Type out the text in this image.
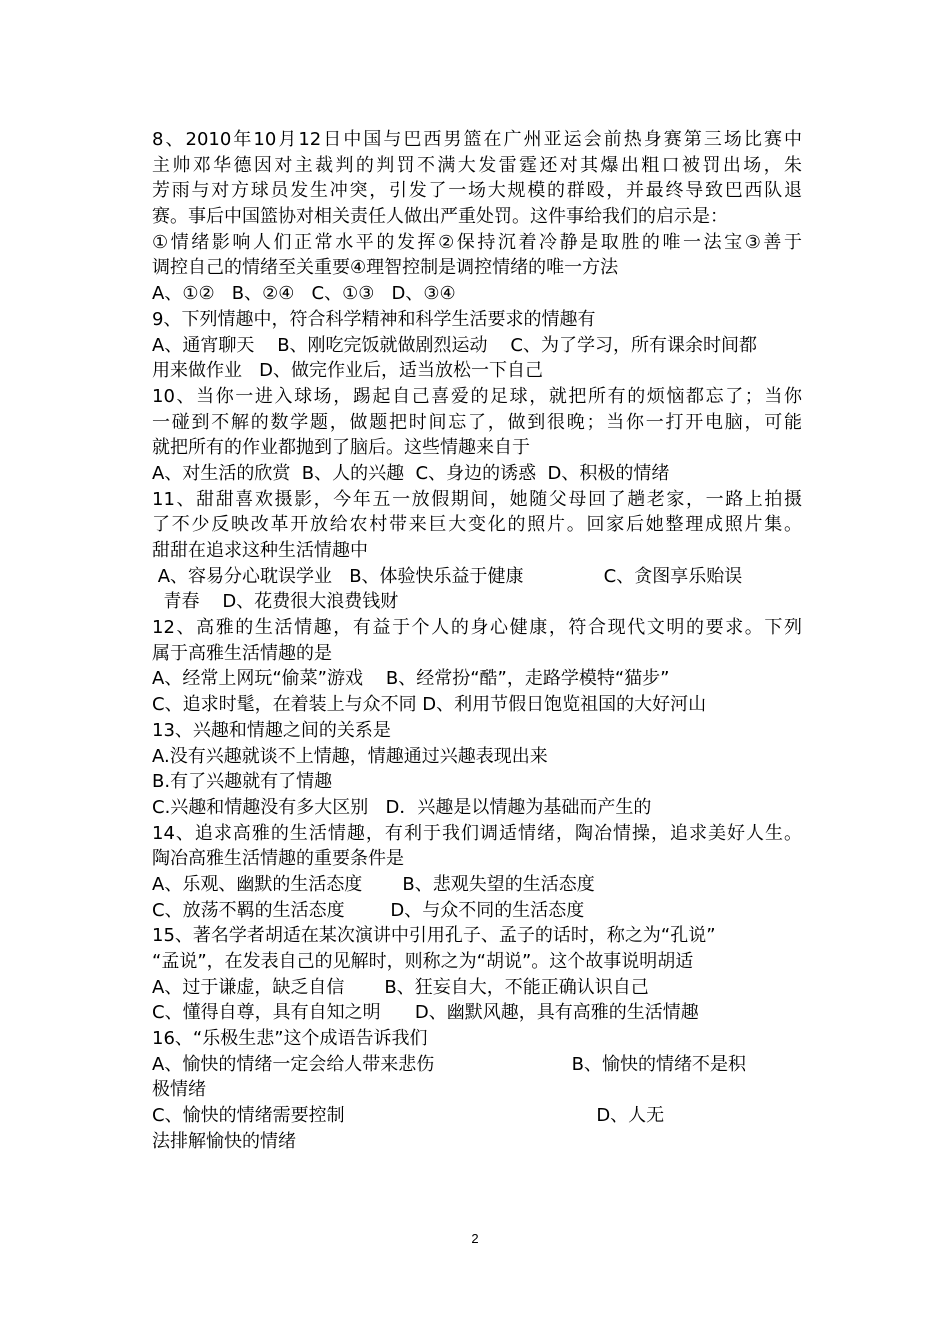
8、2010年10月12日中国与巴西男篮在广州亚运会前热身赛第三场比赛中
主帅邓华德因对主裁判的判罚不满大发雷霆还对其爆出粗口被罚出场，朱
芳雨与对方球员发生冲突，引发了一场大规模的群殴，并最终导致巴西队退
赛。事后中国篮协对相关责任人做出严重处罚。这件事给我们的启示是：
①情绪影响人们正常水平的发挥②保持沉着冷静是取胜的唯一法宝③善于
调控自己的情绪至关重要④理智控制是调控情绪的唯一方法
A、①②   B、②④   C、①③   D、③④
9、下列情趣中，符合科学精神和科学生活要求的情趣有
A、通宵聊天    B、刚吃完饭就做剧烈运动    C、为了学习，所有课余时间都
用来做作业   D、做完作业后，适当放松一下自己
10、当你一进入球场，踢起自己喜爱的足球，就把所有的烦恼都忘了；当你
一碰到不解的数学题，做题把时间忘了，做到很晚；当你一打开电脑，可能
就把所有的作业都抛到了脑后。这些情趣来自于
A、对生活的欣赏  B、人的兴趣  C、身边的诱惑  D、积极的情绪
11、甜甜喜欢摄影，今年五一放假期间，她随父母回了趟老家，一路上拍摄
了不少反映改革开放给农村带来巨大变化的照片。回家后她整理成照片集。
甜甜在追求这种生活情趣中
A、容易分心耽误学业   B、体验快乐益于健康              C、贪图享乐贻误
青春    D、花费很大浪费钱财
12、高雅的生活情趣，有益于个人的身心健康，符合现代文明的要求。下列
属于高雅生活情趣的是
A、经常上网玩“偷菜”游戏    B、经常扮“酷”，走路学模特“猫步”
C、追求时髦，在着装上与众不同 D、利用节假日饱览祖国的大好河山
13、兴趣和情趣之间的关系是
A.没有兴趣就谈不上情趣，情趣通过兴趣表现出来
B.有了兴趣就有了情趣
C.兴趣和情趣没有多大区别   D．兴趣是以情趣为基础而产生的
14、追求高雅的生活情趣，有利于我们调适情绪，陶冶情操，追求美好人生。
陶冶高雅生活情趣的重要条件是
A、乐观、幽默的生活态度       B、悲观失望的生活态度
C、放荡不羁的生活态度        D、与众不同的生活态度
15、著名学者胡适在某次演讲中引用孔子、孟子的话时，称之为“孔说”
“孟说”，在发表自己的见解时，则称之为“胡说”。这个故事说明胡适
A、过于谦虚，缺乏自信       B、狂妄自大，不能正确认识自己
C、懂得自尊，具有自知之明      D、幽默风趣，具有高雅的生活情趣
16、“乐极生悲”这个成语告诉我们
A、愉快的情绪一定会给人带来悲伤                        B、愉快的情绪不是积
极情绪
C、愉快的情绪需要控制                                            D、人无
法排解愉快的情绪
2
